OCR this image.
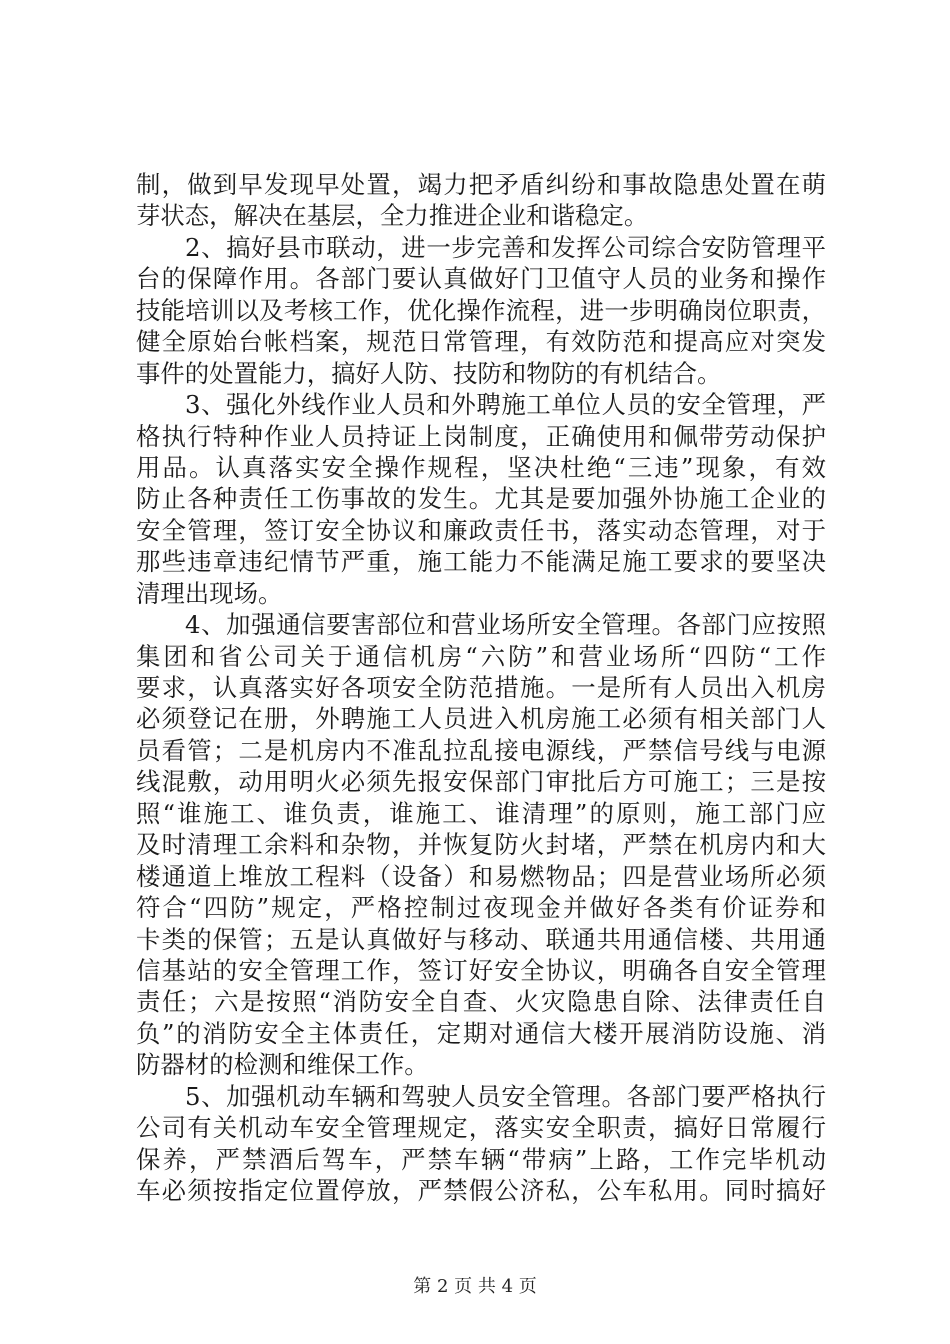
制，做到早发现早处置，竭力把矛盾纠纷和事故隐患处置在萌
芽状态，解决在基层，全力推进企业和谐稳定。
2、搞好县市联动，进一步完善和发挥公司综合安防管理平
台的保障作用。各部门要认真做好门卫值守人员的业务和操作
技能培训以及考核工作，优化操作流程，进一步明确岗位职责，
健全原始台帐档案，规范日常管理，有效防范和提高应对突发
事件的处置能力，搞好人防、技防和物防的有机结合。
3、强化外线作业人员和外聘施工单位人员的安全管理，严
格执行特种作业人员持证上岗制度，正确使用和佩带劳动保护
用品。认真落实安全操作规程，坚决杜绝“三违”现象，有效
防止各种责任工伤事故的发生。尤其是要加强外协施工企业的
安全管理，签订安全协议和廉政责任书，落实动态管理，对于
那些违章违纪情节严重，施工能力不能满足施工要求的要坚决
清理出现场。
4、加强通信要害部位和营业场所安全管理。各部门应按照
集团和省公司关于通信机房“六防”和营业场所“四防“工作
要求，认真落实好各项安全防范措施。一是所有人员出入机房
必须登记在册，外聘施工人员进入机房施工必须有相关部门人
员看管；二是机房内不准乱拉乱接电源线，严禁信号线与电源
线混敷，动用明火必须先报安保部门审批后方可施工；三是按
照“谁施工、谁负责，谁施工、谁清理”的原则，施工部门应
及时清理工余料和杂物，并恢复防火封堵，严禁在机房内和大
楼通道上堆放工程料（设备）和易燃物品；四是营业场所必须
符合“四防”规定，严格控制过夜现金并做好各类有价证券和
卡类的保管；五是认真做好与移动、联通共用通信楼、共用通
信基站的安全管理工作，签订好安全协议，明确各自安全管理
责任；六是按照“消防安全自查、火灾隐患自除、法律责任自
负”的消防安全主体责任，定期对通信大楼开展消防设施、消
防器材的检测和维保工作。
5、加强机动车辆和驾驶人员安全管理。各部门要严格执行
公司有关机动车安全管理规定，落实安全职责，搞好日常履行
保养，严禁酒后驾车，严禁车辆“带病”上路，工作完毕机动
车必须按指定位置停放，严禁假公济私，公车私用。同时搞好
第 2 页 共 4 页
